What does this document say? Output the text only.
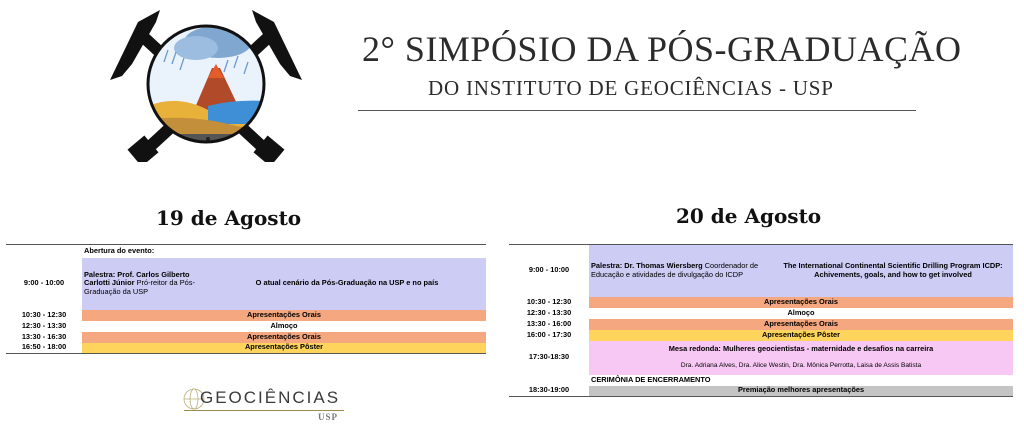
2° SIMPÓSIO DA PÓS-GRADUAÇÃO
DO INSTITUTO DE GEOCIÊNCIAS - USP
19 de Agosto
	Abertura do evento:	
9:00 - 10:00	Palestra: Prof. Carlos Gilberto Carlotti Júnior Pró-reitor da Pós-Graduação da USP	O atual cenário da Pós-Graduação na USP e no país
10:30 - 12:30	Apresentações Orais	
12:30 - 13:30	Almoço	
13:30 - 16:30	Apresentações Orais	
16:50 - 18:00	Apresentações Pôster	
20 de Agosto
9:00 - 10:00	Palestra: Dr. Thomas Wiersberg Coordenador de Educação e atividades de divulgação do ICDP	The International Continental Scientific Drilling Program ICDP: Achivements, goals, and how to get involved
10:30 - 12:30	Apresentações Orais	
12:30 - 13:30	Almoço	
13:30 - 16:00	Apresentações Orais	
16:00 - 17:30	Apresentações Pôster	
17:30-18:30	Mesa redonda: Mulheres geocientistas - maternidade e desafios na carreira
Dra. Adriana Alves, Dra. Alice Westin, Dra. Mônica Perrotta, Laisa de Assis Batista	

	CERIMÔNIA DE ENCERRAMENTO	
18:30-19:00	Premiação melhores apresentações	
GEOCIÊNCIAS
USP
